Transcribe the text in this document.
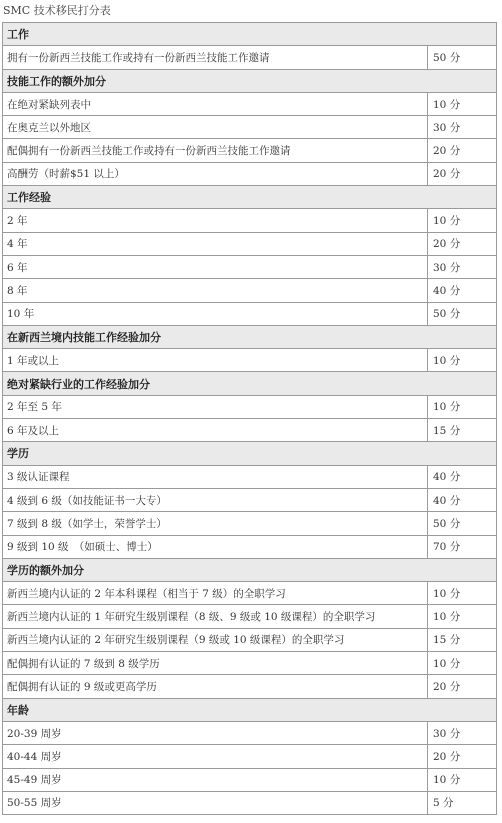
SMC 技术移民打分表
工作
拥有一份新西兰技能工作或持有一份新西兰技能工作邀请	50 分
技能工作的额外加分
在绝对紧缺列表中	10 分
在奥克兰以外地区	30 分
配偶拥有一份新西兰技能工作或持有一份新西兰技能工作邀请	20 分
高酬劳（时薪$51 以上）	20 分
工作经验
2 年	10 分
4 年	20 分
6 年	30 分
8 年	40 分
10 年	50 分
在新西兰境内技能工作经验加分
1 年或以上	10 分
绝对紧缺行业的工作经验加分
2 年至 5 年	10 分
6 年及以上	15 分
学历
3 级认证课程	40 分
4 级到 6 级（如技能证书一大专）	40 分
7 级到 8 级（如学士，荣誉学士）	50 分
9 级到 10 级　（如硕士、博士）	70 分
学历的额外加分
新西兰境内认证的 2 年本科课程（相当于 7 级）的全职学习	10 分
新西兰境内认证的 1 年研究生级别课程（8 级、9 级或 10 级课程）的全职学习	10 分
新西兰境内认证的 2 年研究生级别课程（9 级或 10 级课程）的全职学习	15 分
配偶拥有认证的 7 级到 8 级学历	10 分
配偶拥有认证的 9 级或更高学历	20 分
年龄
20-39 周岁	30 分
40-44 周岁	20 分
45-49 周岁	10 分
50-55 周岁	5 分
